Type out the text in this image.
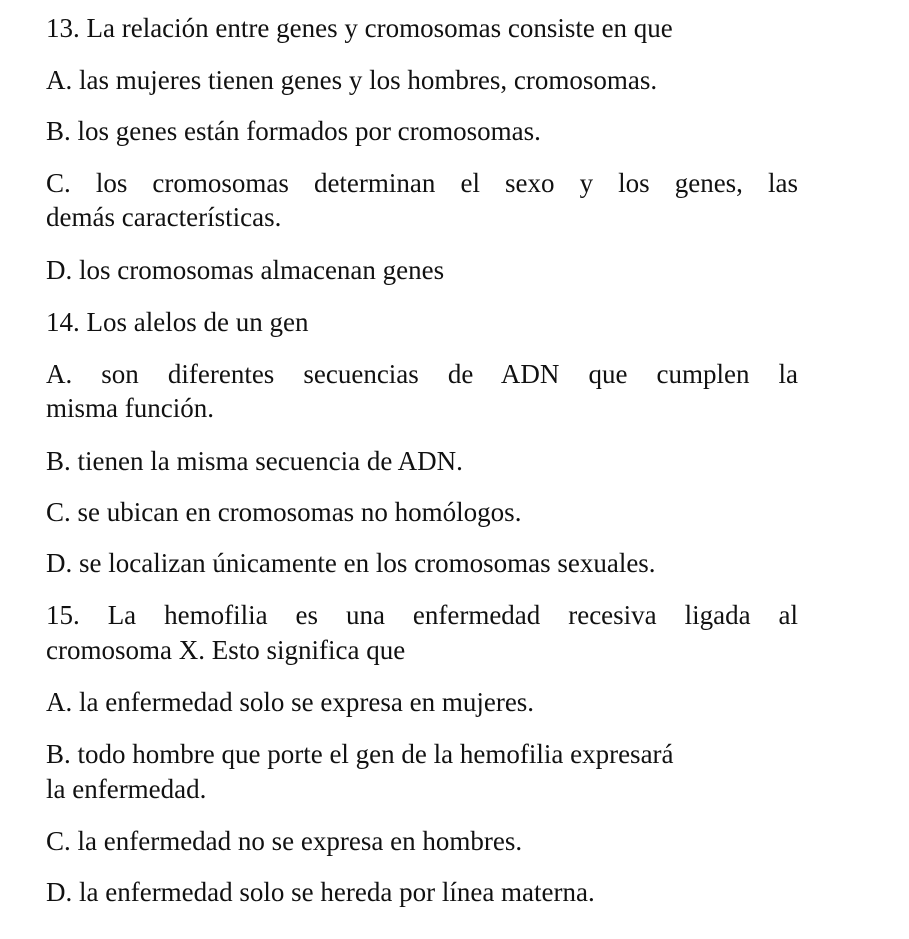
13. La relación entre genes y cromosomas consiste en que
A. las mujeres tienen genes y los hombres, cromosomas.
B. los genes están formados por cromosomas.
C. los cromosomas determinan el sexo y los genes, las
demás características.
D. los cromosomas almacenan genes
14. Los alelos de un gen
A. son diferentes secuencias de ADN que cumplen la
misma función.
B. tienen la misma secuencia de ADN.
C. se ubican en cromosomas no homólogos.
D. se localizan únicamente en los cromosomas sexuales.
15. La hemofilia es una enfermedad recesiva ligada al
cromosoma X. Esto significa que
A. la enfermedad solo se expresa en mujeres.
B. todo hombre que porte el gen de la hemofilia expresará
la enfermedad.
C. la enfermedad no se expresa en hombres.
D. la enfermedad solo se hereda por línea materna.
